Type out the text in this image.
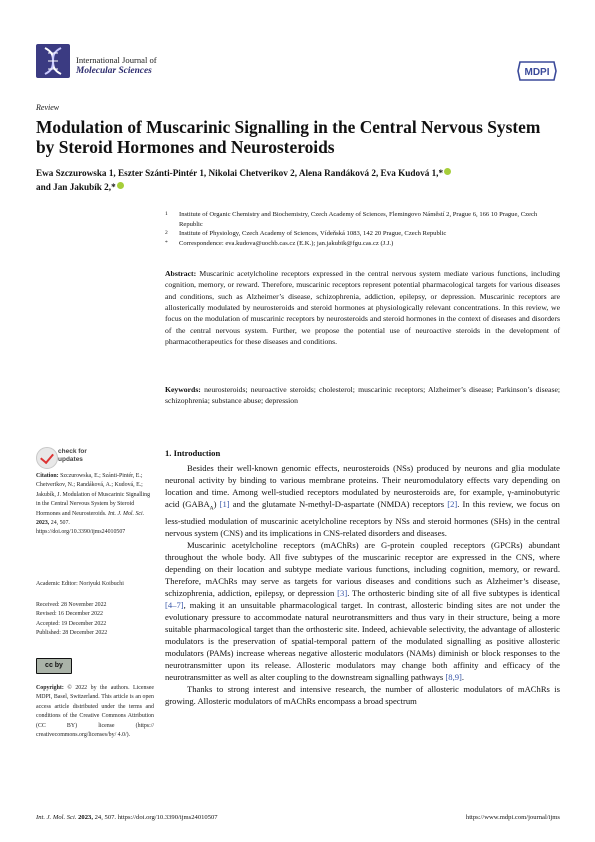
International Journal of
Molecular Sciences	MDPI
Review
Modulation of Muscarinic Signalling in the Central Nervous System by Steroid Hormones and Neurosteroids
Ewa Szczurowska 1, Eszter Szánti-Pintér 1, Nikolai Chetverikov 2, Alena Randáková 2, Eva Kudová 1,*
and Jan Jakubík 2,*
1 Institute of Organic Chemistry and Biochemistry, Czech Academy of Sciences, Flemingovo Náměstí 2, Prague 6, 166 10 Prague, Czech Republic
2 Institute of Physiology, Czech Academy of Sciences, Vídeňská 1083, 142 20 Prague, Czech Republic
* Correspondence: eva.kudova@uochb.cas.cz (E.K.); jan.jakubik@fgu.cas.cz (J.J.)
Abstract: Muscarinic acetylcholine receptors expressed in the central nervous system mediate various functions, including cognition, memory, or reward. Therefore, muscarinic receptors represent potential pharmacological targets for various diseases and conditions, such as Alzheimer’s disease, schizophrenia, addiction, epilepsy, or depression. Muscarinic receptors are allosterically modulated by neurosteroids and steroid hormones at physiologically relevant concentrations. In this review, we focus on the modulation of muscarinic receptors by neurosteroids and steroid hormones in the context of diseases and disorders of the central nervous system. Further, we propose the potential use of neuroactive steroids in the development of pharmacotherapeutics for these diseases and conditions.
Keywords: neurosteroids; neuroactive steroids; cholesterol; muscarinic receptors; Alzheimer’s disease; Parkinson’s disease; schizophrenia; substance abuse; depression
check for
updates

Citation: Szczurowska, E.; Szánti-Pintér, E.; Chetverikov, N.; Randáková, A.; Kudová, E.; Jakubík, J. Modulation of Muscarinic Signalling in the Central Nervous System by Steroid Hormones and Neurosteroids. Int. J. Mol. Sci. 2023, 24, 507. https://doi.org/10.3390/ijms24010507

Academic Editor: Noriyuki Koibuchi

Received: 28 November 2022

Revised: 16 December 2022

Accepted: 19 December 2022

Published: 28 December 2022

cc by
Copyright: © 2022 by the authors. Licensee MDPI, Basel, Switzerland. This article is an open access article distributed under the terms and conditions of the Creative Commons Attribution (CC BY) license (https:// creativecommons.org/licenses/by/ 4.0/).
1. Introduction

Besides their well-known genomic effects, neurosteroids (NSs) produced by neurons and glia modulate neuronal activity by binding to various membrane proteins. Their neuromodulatory effects vary depending on location and time. Among well-studied receptors modulated by neurosteroids are, for example, γ-aminobutyric acid $(GABA_A)$ [1] and the glutamate N-methyl-D-aspartate (NMDA) receptors [2]. In this review, we focus on less-studied modulation of muscarinic acetylcholine receptors by NSs and steroid hormones (SHs) in the central nervous system (CNS) and its implications in CNS-related disorders and diseases.

Muscarinic acetylcholine receptors (mAChRs) are G-protein coupled receptors (GPCRs) abundant throughout the whole body. All five subtypes of the muscarinic receptor are expressed in the CNS, where depending on their location and subtype mediate various functions, including cognition, memory, or reward. Therefore, mAChRs may serve as targets for various diseases and conditions such as Alzheimer’s disease, schizophrenia, addiction, epilepsy, or depression [3]. The orthosteric binding site of all five subtypes is identical [4–7], making it an unsuitable pharmacological target. In contrast, allosteric binding sites are not under the evolutionary pressure to accommodate natural neurotransmitters and thus vary in their structure, being a more suitable pharmacological target than the orthosteric site. Indeed, achievable selectivity, the advantage of allosteric modulators is the preservation of spatial-temporal pattern of the modulated signalling as positive allosteric modulators (PAMs) increase whereas negative allosteric modulators (NAMs) diminish or block responses to the neurotransmitter upon its release. Allosteric modulators may change both affinity and efficacy of the neurotransmitter as well as alter coupling to the downstream signalling pathways [8,9].

Thanks to strong interest and intensive research, the number of allosteric modulators of mAChRs is growing. Allosteric modulators of mAChRs encompass a broad spectrum

Int. J. Mol. Sci. 2023, 24, 507. https://doi.org/10.3390/ijms24010507	https://www.mdpi.com/journal/ijms
